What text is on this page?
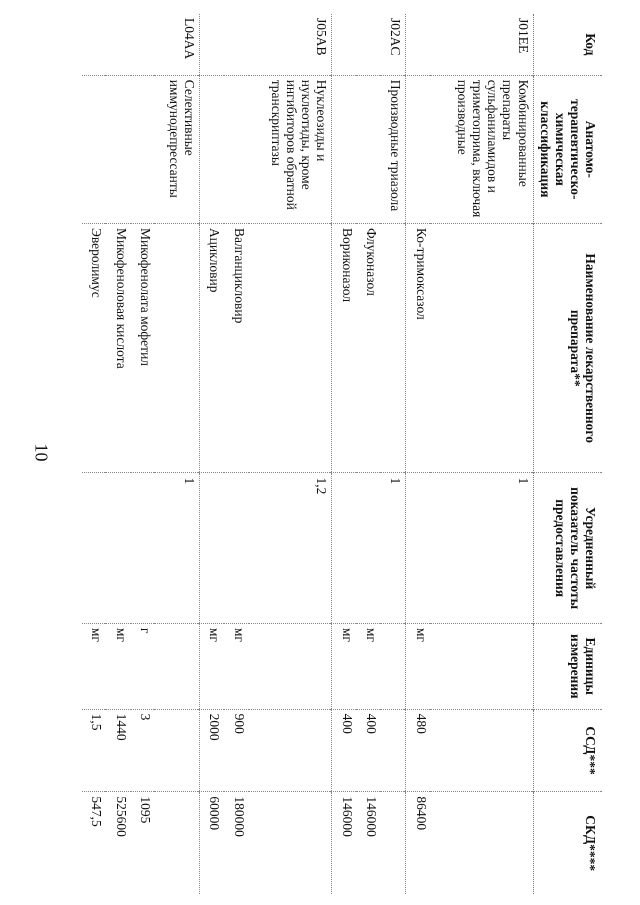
10
Код	Анатомо-терапевтическо-химическая классификация	Наименование лекарственного препарата**	Усредненный показатель частоты предоставления	Единицы измерения	ССД***	СКД****
J01EE	Комбинированные препараты сульфаниламидов и триметоприма, включая производные		1			
		Ко-тримоксазол		мг	480	86400
J02AC	Производные триазола		1			
		Флуконазол		мг	400	146000
		Вориконазол		мг	400	146000
J05AB	Нуклеозиды и нуклеотиды, кроме ингибиторов обратной транскриптазы		1,2			
		Валганцикловир		мг	900	180000
		Ацикловир		мг	2000	60000
L04AA	Селективные иммунодепрессанты		1			
		Микофенолата мофетил		г	3	1095
		Микофеноловая кислота		мг	1440	525600
		Эверолимус		мг	1,5	547,5
